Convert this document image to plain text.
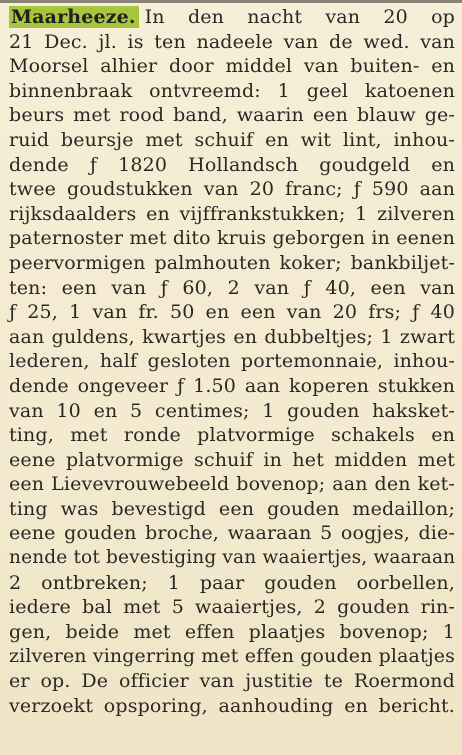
Maarheeze. In den nacht van 20 op
21 Dec. jl. is ten nadeele van de wed. van
Moorsel alhier door middel van buiten- en
binnenbraak ontvreemd: 1 geel katoenen
beurs met rood band, waarin een blauw ge-
ruid beursje met schuif en wit lint, inhou-
dende ƒ 1820 Hollandsch goudgeld en
twee goudstukken van 20 franc; ƒ 590 aan
rijksdaalders en vijffrankstukken; 1 zilveren
paternoster met dito kruis geborgen in eenen
peervormigen palmhouten koker; bankbiljet-
ten: een van ƒ 60, 2 van ƒ 40, een van
ƒ 25, 1 van fr. 50 en een van 20 frs; ƒ 40
aan guldens, kwartjes en dubbeltjes; 1 zwart
lederen, half gesloten portemonnaie, inhou-
dende ongeveer ƒ 1.50 aan koperen stukken
van 10 en 5 centimes; 1 gouden haksket-
ting, met ronde platvormige schakels en
eene platvormige schuif in het midden met
een Lievevrouwebeeld bovenop; aan den ket-
ting was bevestigd een gouden medaillon;
eene gouden broche, waaraan 5 oogjes, die-
nende tot bevestiging van waaiertjes, waaraan
2 ontbreken; 1 paar gouden oorbellen,
iedere bal met 5 waaiertjes, 2 gouden rin-
gen, beide met effen plaatjes bovenop; 1
zilveren vingerring met effen gouden plaatjes
er op. De officier van justitie te Roermond
verzoekt opsporing, aanhouding en bericht.
